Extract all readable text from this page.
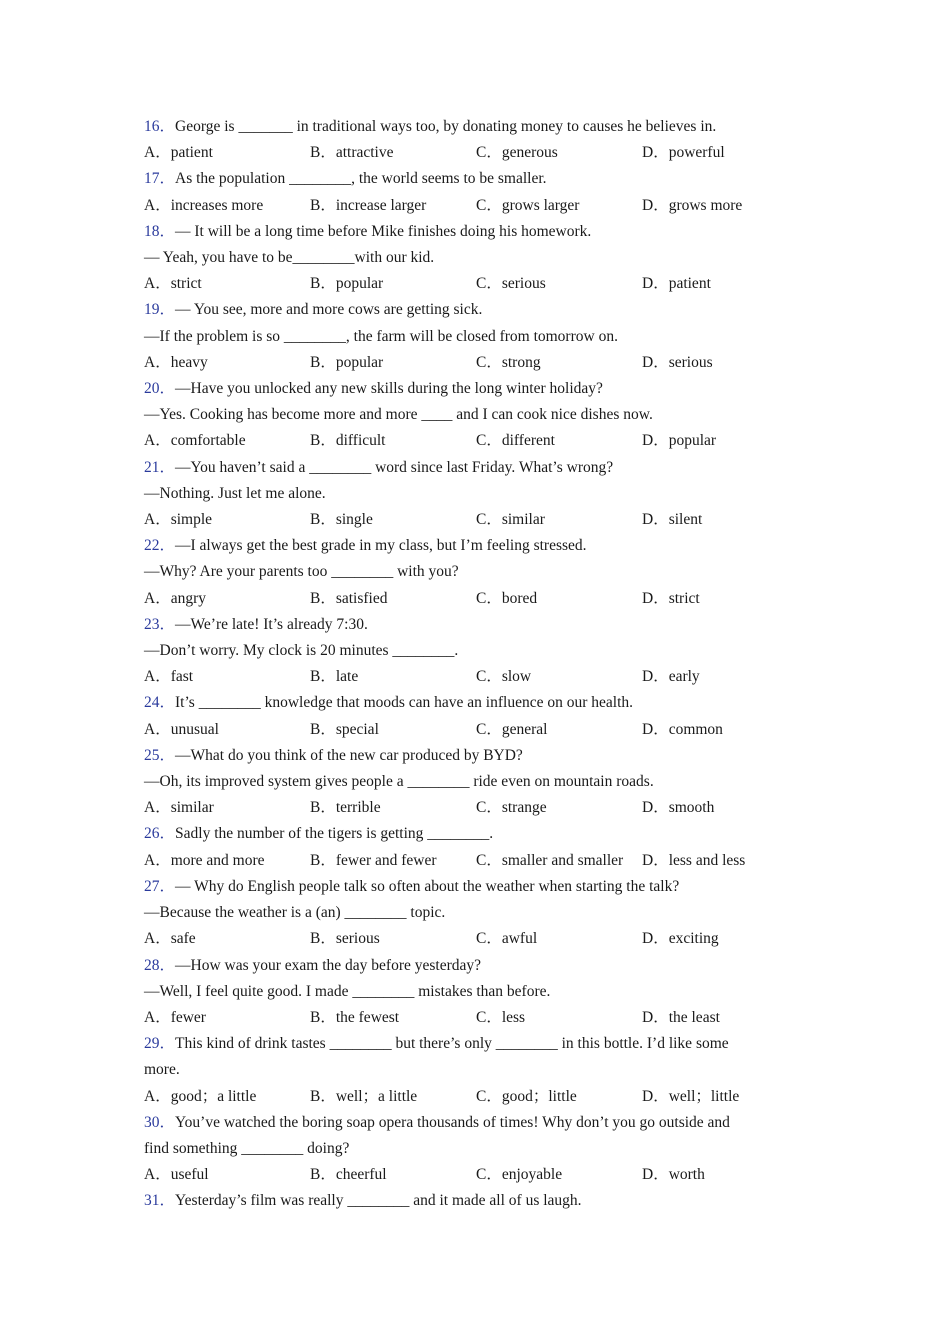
16．George is _______ in traditional ways too, by donating money to causes he believes in.
A．patient	B．attractive	C．generous	D．powerful
17．As the population ________, the world seems to be smaller.
A．increases more	B．increase larger	C．grows larger	D．grows more
18．— It will be a long time before Mike finishes doing his homework.
— Yeah, you have to be________with our kid.
A．strict	B．popular	C．serious	D．patient
19．— You see, more and more cows are getting sick.
—If the problem is so ________, the farm will be closed from tomorrow on.
A．heavy	B．popular	C．strong	D．serious
20．—Have you unlocked any new skills during the long winter holiday?
—Yes. Cooking has become more and more ____ and I can cook nice dishes now.
A．comfortable	B．difficult	C．different	D．popular
21．—You haven’t said a ________ word since last Friday. What’s wrong?
—Nothing. Just let me alone.
A．simple	B．single	C．similar	D．silent
22．—I always get the best grade in my class, but I’m feeling stressed.
—Why? Are your parents too ________ with you?
A．angry	B．satisfied	C．bored	D．strict
23．—We’re late! It’s already 7:30.
—Don’t worry. My clock is 20 minutes ________.
A．fast	B．late	C．slow	D．early
24．It’s ________ knowledge that moods can have an influence on our health.
A．unusual	B．special	C．general	D．common
25．—What do you think of the new car produced by BYD?
—Oh, its improved system gives people a ________ ride even on mountain roads.
A．similar	B．terrible	C．strange	D．smooth
26．Sadly the number of the tigers is getting ________.
A．more and more	B．fewer and fewer	C．smaller and smaller	D．less and less
27．— Why do English people talk so often about the weather when starting the talk?
—Because the weather is a (an) ________ topic.
A．safe	B．serious	C．awful	D．exciting
28．—How was your exam the day before yesterday?
—Well, I feel quite good. I made ________ mistakes than before.
A．fewer	B．the fewest	C．less	D．the least
29．This kind of drink tastes ________ but there’s only ________ in this bottle. I’d like some
more.
A．good；a little	B．well；a little	C．good；little	D．well；little
30．You’ve watched the boring soap opera thousands of times! Why don’t you go outside and
find something ________ doing?
A．useful	B．cheerful	C．enjoyable	D．worth
31．Yesterday’s film was really ________ and it made all of us laugh.
